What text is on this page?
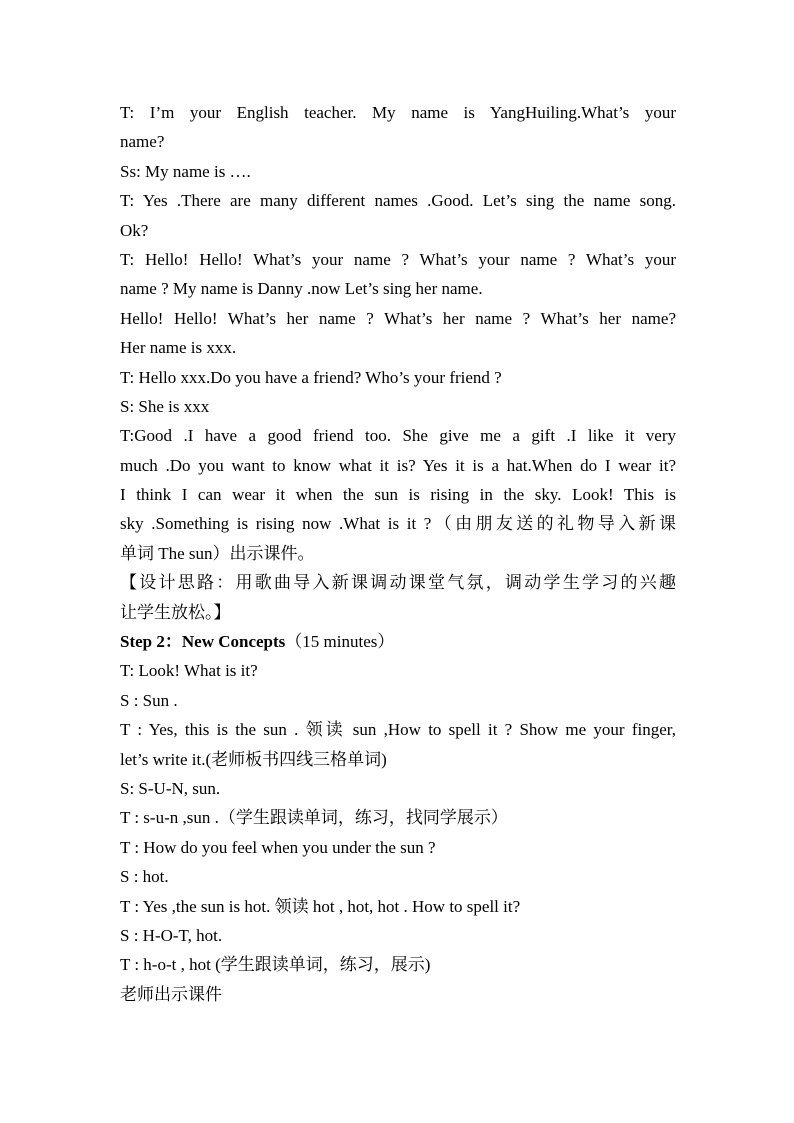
T: I’m your English teacher. My name is YangHuiling.What’s your
name?
Ss: My name is ….
T: Yes .There are many different names .Good. Let’s sing the name song.
Ok?
T: Hello! Hello! What’s your name ? What’s your name ? What’s your
name ? My name is Danny .now Let’s sing her name.
Hello! Hello! What’s her name ? What’s her name ? What’s her name?
Her name is xxx.
T: Hello xxx.Do you have a friend? Who’s your friend ?
S: She is xxx
T:Good .I have a good friend too. She give me a gift .I like it very
much .Do you want to know what it is? Yes it is a hat.When do I wear it?
I think I can wear it when the sun is rising in the sky. Look! This is
sky .Something is rising now .What is it ?（由朋友送的礼物导入新课
单词 The sun）出示课件。
【设计思路：用歌曲导入新课调动课堂气氛，调动学生学习的兴趣
让学生放松。】
Step 2：New Concepts（15 minutes）
T: Look! What is it?
S : Sun .
T : Yes, this is the sun . 领读 sun ,How to spell it ? Show me your finger,
let’s write it.(老师板书四线三格单词)
S: S-U-N, sun.
T : s-u-n ,sun .（学生跟读单词，练习，找同学展示）
T : How do you feel when you under the sun ?
S : hot.
T : Yes ,the sun is hot. 领读 hot , hot, hot . How to spell it?
S : H-O-T, hot.
T : h-o-t , hot (学生跟读单词，练习，展示)
老师出示课件
